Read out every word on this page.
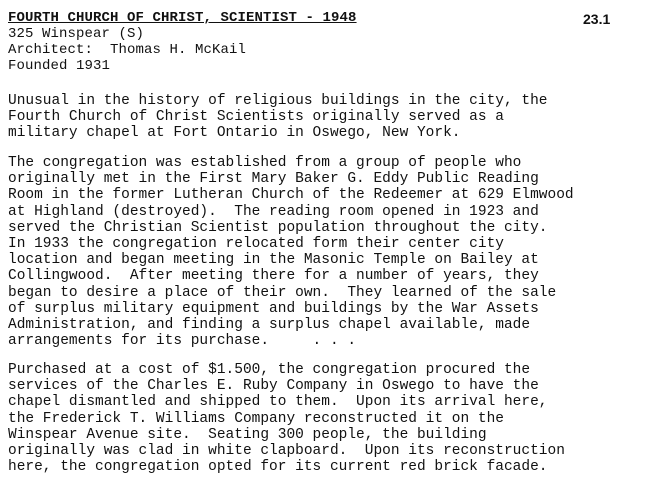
FOURTH CHURCH OF CHRIST, SCIENTIST - 1948	23.1
325 Winspear (S)
Architect:  Thomas H. McKail
Founded 1931

Unusual in the history of religious buildings in the city, the
Fourth Church of Christ Scientists originally served as a
military chapel at Fort Ontario in Oswego, New York.

The congregation was established from a group of people who
originally met in the First Mary Baker G. Eddy Public Reading
Room in the former Lutheran Church of the Redeemer at 629 Elmwood
at Highland (destroyed).  The reading room opened in 1923 and
served the Christian Scientist population throughout the city.
In 1933 the congregation relocated form their center city
location and began meeting in the Masonic Temple on Bailey at
Collingwood.  After meeting there for a number of years, they
began to desire a place of their own.  They learned of the sale
of surplus military equipment and buildings by the War Assets
Administration, and finding a surplus chapel available, made
arrangements for its purchase.     . . .

Purchased at a cost of $1.500, the congregation procured the
services of the Charles E. Ruby Company in Oswego to have the
chapel dismantled and shipped to them.  Upon its arrival here,
the Frederick T. Williams Company reconstructed it on the
Winspear Avenue site.  Seating 300 people, the building
originally was clad in white clapboard.  Upon its reconstruction
here, the congregation opted for its current red brick facade.
